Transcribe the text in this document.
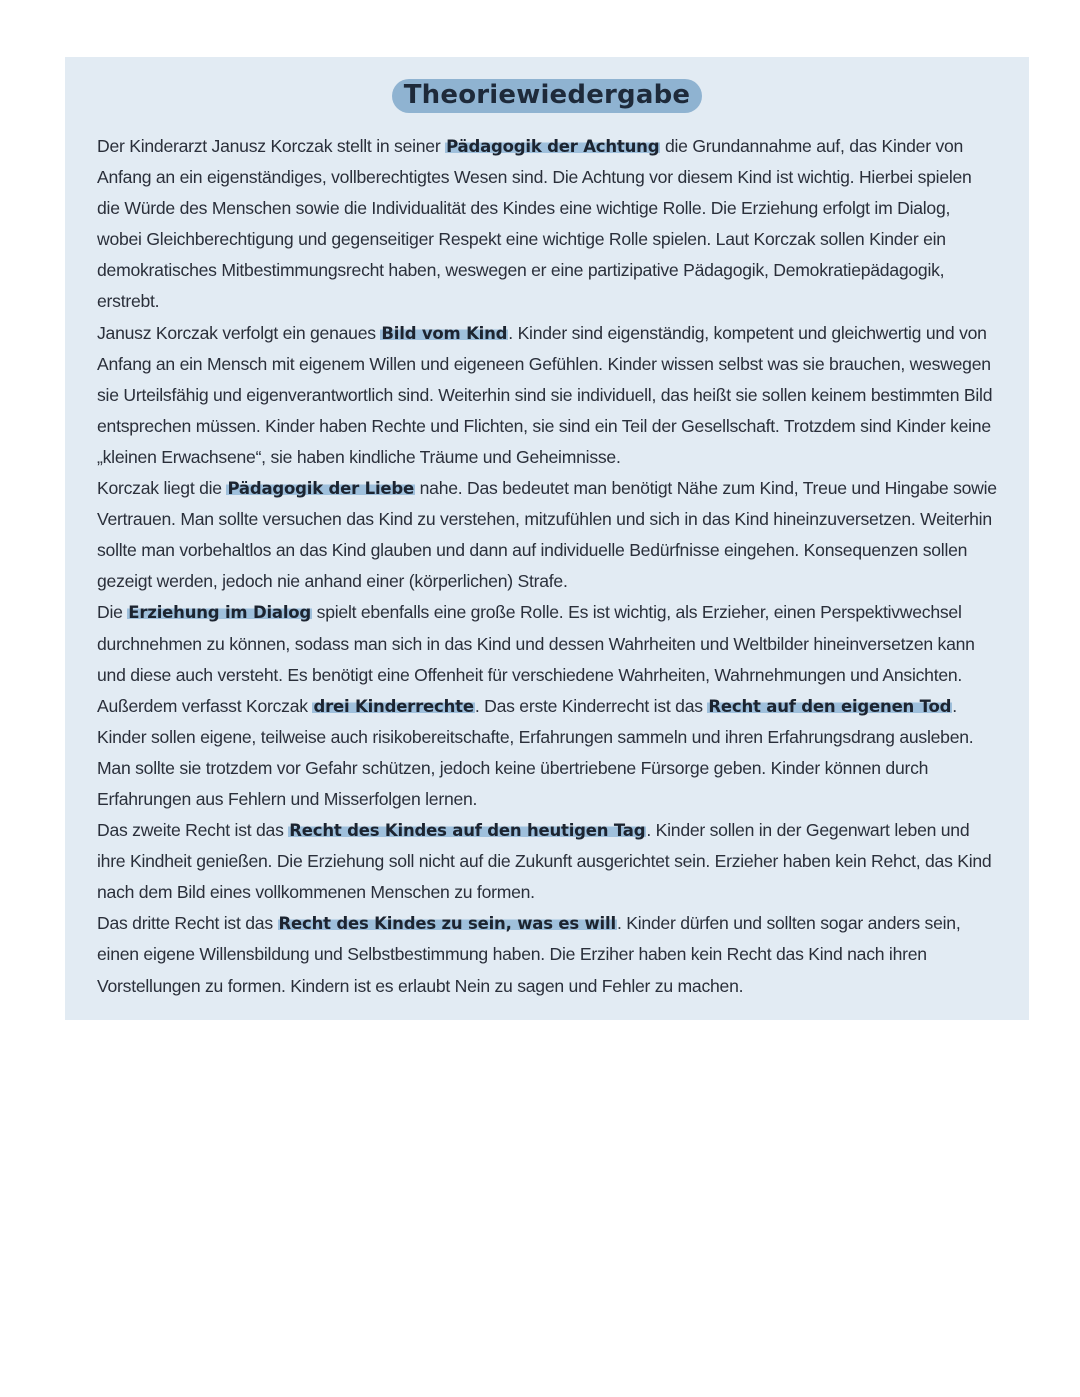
Theoriewiedergabe

Der Kinderarzt Janusz Korczak stellt in seiner Pädagogik der Achtung die Grundannahme auf, das Kinder von Anfang an ein eigenständiges, vollberechtigtes Wesen sind. Die Achtung vor diesem Kind ist wichtig. Hierbei spielen die Würde des Menschen sowie die Individualität des Kindes eine wichtige Rolle. Die Erziehung erfolgt im Dialog, wobei Gleichberechtigung und gegenseitiger Respekt eine wichtige Rolle spielen. Laut Korczak sollen Kinder ein demokratisches Mitbestimmungsrecht haben, weswegen er eine partizipative Pädagogik, Demokratiepädagogik, erstrebt.

Janusz Korczak verfolgt ein genaues Bild vom Kind. Kinder sind eigenständig, kompetent und gleichwertig und von Anfang an ein Mensch mit eigenem Willen und eigeneen Gefühlen. Kinder wissen selbst was sie brauchen, weswegen sie Urteilsfähig und eigenverantwortlich sind. Weiterhin sind sie individuell, das heißt sie sollen keinem bestimmten Bild entsprechen müssen. Kinder haben Rechte und Flichten, sie sind ein Teil der Gesellschaft. Trotzdem sind Kinder keine „kleinen Erwachsene“, sie haben kindliche Träume und Geheimnisse.

Korczak liegt die Pädagogik der Liebe nahe. Das bedeutet man benötigt Nähe zum Kind, Treue und Hingabe sowie Vertrauen. Man sollte versuchen das Kind zu verstehen, mitzufühlen und sich in das Kind hineinzuversetzen. Weiterhin sollte man vorbehaltlos an das Kind glauben und dann auf individuelle Bedürfnisse eingehen. Konsequenzen sollen gezeigt werden, jedoch nie anhand einer (körperlichen) Strafe.

Die Erziehung im Dialog spielt ebenfalls eine große Rolle. Es ist wichtig, als Erzieher, einen Perspektivwechsel durchnehmen zu können, sodass man sich in das Kind und dessen Wahrheiten und Weltbilder hineinversetzen kann und diese auch versteht. Es benötigt eine Offenheit für verschiedene Wahrheiten, Wahrnehmungen und Ansichten.

Außerdem verfasst Korczak drei Kinderrechte. Das erste Kinderrecht ist das Recht auf den eigenen Tod. Kinder sollen eigene, teilweise auch risikobereitschafte, Erfahrungen sammeln und ihren Erfahrungsdrang ausleben. Man sollte sie trotzdem vor Gefahr schützen, jedoch keine übertriebene Fürsorge geben. Kinder können durch Erfahrungen aus Fehlern und Misserfolgen lernen.

Das zweite Recht ist das Recht des Kindes auf den heutigen Tag. Kinder sollen in der Gegenwart leben und ihre Kindheit genießen. Die Erziehung soll nicht auf die Zukunft ausgerichtet sein. Erzieher haben kein Rehct, das Kind nach dem Bild eines vollkommenen Menschen zu formen.

Das dritte Recht ist das Recht des Kindes zu sein, was es will. Kinder dürfen und sollten sogar anders sein, einen eigene Willensbildung und Selbstbestimmung haben. Die Erziher haben kein Recht das Kind nach ihren Vorstellungen zu formen. Kindern ist es erlaubt Nein zu sagen und Fehler zu machen.
